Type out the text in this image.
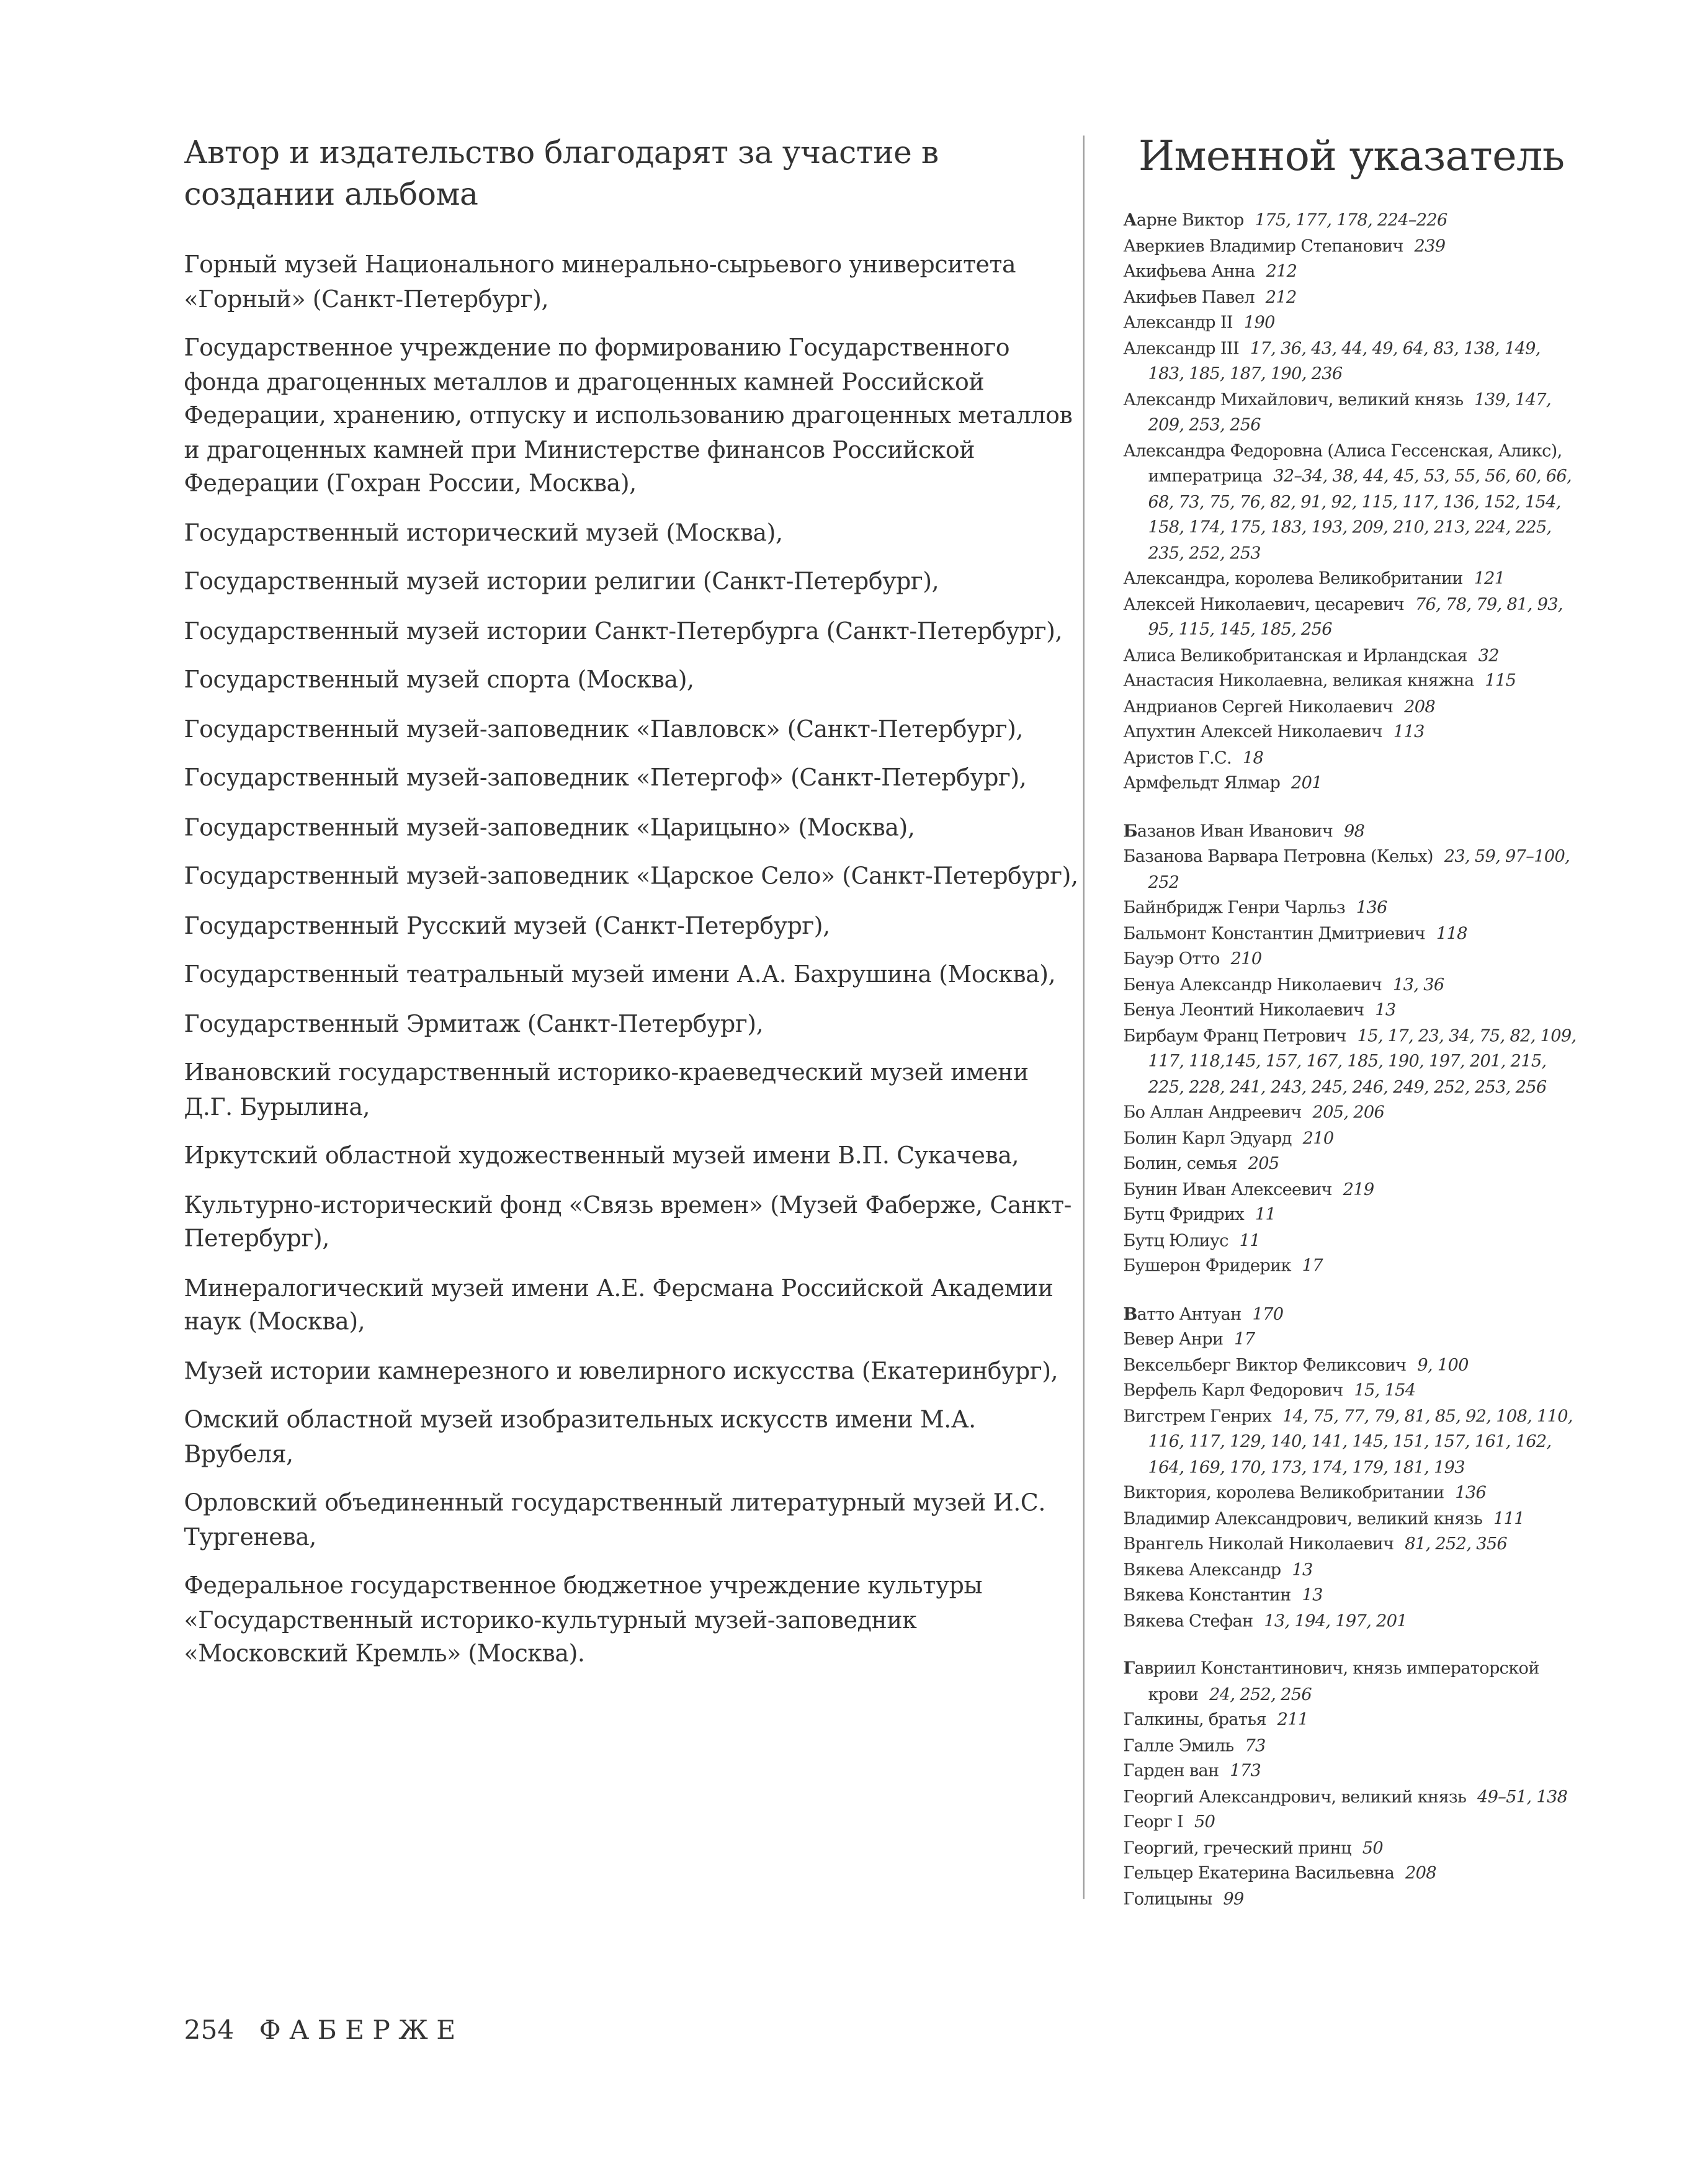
Автор и издательство благодарят за участие в создании альбома

Горный музей Национального минерально-сырьевого университета «Горный» (Санкт-Петербург),

Государственное учреждение по формированию Государственного фонда драгоценных металлов и драгоценных камней Российской Федерации, хранению, отпуску и использованию драгоценных металлов и драгоценных камней при Министерстве финансов Российской Федерации (Гохран России, Москва),

Государственный исторический музей (Москва),

Государственный музей истории религии (Санкт-Петербург),

Государственный музей истории Санкт-Петербурга (Санкт-Петербург),

Государственный музей спорта (Москва),

Государственный музей-заповедник «Павловск» (Санкт-Петербург),

Государственный музей-заповедник «Петергоф» (Санкт-Петербург),

Государственный музей-заповедник «Царицыно» (Москва),

Государственный музей-заповедник «Царское Село» (Санкт-Петербург),

Государственный Русский музей (Санкт-Петербург),

Государственный театральный музей имени А.А. Бахрушина (Москва),

Государственный Эрмитаж (Санкт-Петербург),

Ивановский государственный историко-краеведческий музей имени Д.Г. Бурылина,

Иркутский областной художественный музей имени В.П. Сукачева,

Культурно-исторический фонд «Связь времен» (Музей Фаберже, Санкт-Петербург),

Минералогический музей имени А.Е. Ферсмана Российской Академии наук (Москва),

Музей истории камнерезного и ювелирного искусства (Екатеринбург),

Омский областной музей изобразительных искусств имени М.А. Врубеля,

Орловский объединенный государственный литературный музей И.С. Тургенева,

Федеральное государственное бюджетное учреждение культуры «Государственный историко-культурный музей-заповедник «Московский Кремль» (Москва).

Именной указатель
Аарне Виктор 175, 177, 178, 224–226
Аверкиев Владимир Степанович 239
Акифьева Анна 212
Акифьев Павел 212
Александр II 190
Александр III 17, 36, 43, 44, 49, 64, 83, 138, 149, 183, 185, 187, 190, 236
Александр Михайлович, великий князь 139, 147, 209, 253, 256
Александра Федоровна (Алиса Гессенская, Аликс), императрица 32–34, 38, 44, 45, 53, 55, 56, 60, 66, 68, 73, 75, 76, 82, 91, 92, 115, 117, 136, 152, 154, 158, 174, 175, 183, 193, 209, 210, 213, 224, 225, 235, 252, 253
Александра, королева Великобритании 121
Алексей Николаевич, цесаревич 76, 78, 79, 81, 93, 95, 115, 145, 185, 256
Алиса Великобританская и Ирландская 32
Анастасия Николаевна, великая княжна 115
Андрианов Сергей Николаевич 208
Апухтин Алексей Николаевич 113
Аристов Г.С. 18
Армфельдт Ялмар 201
Базанов Иван Иванович 98
Базанова Варвара Петровна (Кельх) 23, 59, 97–100, 252
Байнбридж Генри Чарльз 136
Бальмонт Константин Дмитриевич 118
Бауэр Отто 210
Бенуа Александр Николаевич 13, 36
Бенуа Леонтий Николаевич 13
Бирбаум Франц Петрович 15, 17, 23, 34, 75, 82, 109, 117, 118,145, 157, 167, 185, 190, 197, 201, 215, 225, 228, 241, 243, 245, 246, 249, 252, 253, 256
Бо Аллан Андреевич 205, 206
Болин Карл Эдуард 210
Болин, семья 205
Бунин Иван Алексеевич 219
Бутц Фридрих 11
Бутц Юлиус 11
Бушерон Фридерик 17
Ватто Антуан 170
Вевер Анри 17
Вексельберг Виктор Феликсович 9, 100
Верфель Карл Федорович 15, 154
Вигстрем Генрих 14, 75, 77, 79, 81, 85, 92, 108, 110, 116, 117, 129, 140, 141, 145, 151, 157, 161, 162, 164, 169, 170, 173, 174, 179, 181, 193
Виктория, королева Великобритании 136
Владимир Александрович, великий князь 111
Врангель Николай Николаевич 81, 252, 356
Вякева Александр 13
Вякева Константин 13
Вякева Стефан 13, 194, 197, 201
Гавриил Константинович, князь императорской крови 24, 252, 256
Галкины, братья 211
Галле Эмиль 73
Гарден ван 173
Георгий Александрович, великий князь 49–51, 138
Георг I 50
Георгий, греческий принц 50
Гельцер Екатерина Васильевна 208
Голицыны 99
254 ФАБЕРЖЕ
